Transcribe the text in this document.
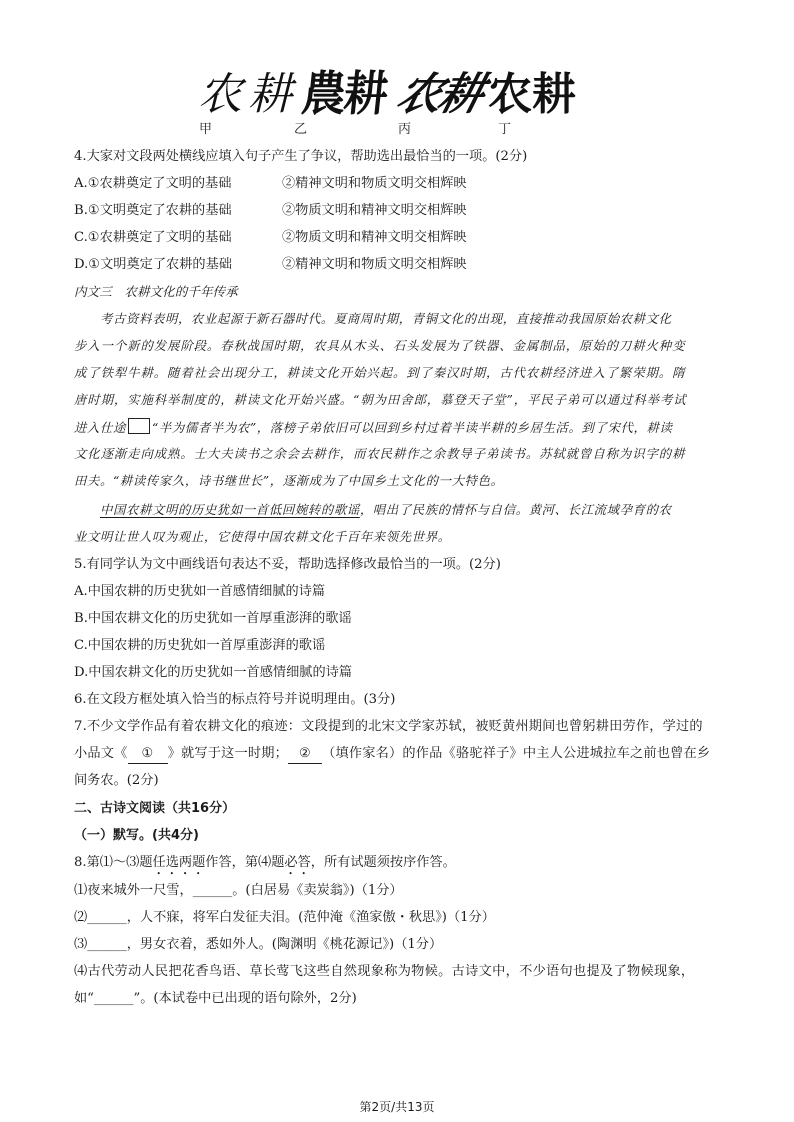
农耕 農耕 农耕 农耕
甲	乙	丙	丁
4.大家对文段两处横线应填入句子产生了争议，帮助选出最恰当的一项。(2分)
A.①农耕奠定了文明的基础	②精神文明和物质文明交相辉映
B.①文明奠定了农耕的基础	②物质文明和精神文明交相辉映
C.①农耕奠定了文明的基础	②物质文明和精神文明交相辉映
D.①文明奠定了农耕的基础	②精神文明和物质文明交相辉映
内文三　农耕文化的千年传承
考古资料表明，农业起源于新石器时代。夏商周时期，青铜文化的出现，直接推动我国原始农耕文化
步入一个新的发展阶段。春秋战国时期，农具从木头、石头发展为了铁器、金属制品，原始的刀耕火种变
成了铁犁牛耕。随着社会出现分工，耕读文化开始兴起。到了秦汉时期，古代农耕经济进入了繁荣期。隋
唐时期，实施科举制度的，耕读文化开始兴盛。“朝为田舍郎，慕登天子堂”，平民子弟可以通过科举考试
进入仕途 “半为儒者半为农”，落榜子弟依旧可以回到乡村过着半读半耕的乡居生活。到了宋代，耕读
文化逐渐走向成熟。士大夫读书之余会去耕作，而农民耕作之余教导子弟读书。苏轼就曾自称为识字的耕
田夫。“耕读传家久，诗书继世长”，逐渐成为了中国乡土文化的一大特色。
中国农耕文明的历史犹如一首低回婉转的歌谣，唱出了民族的情怀与自信。黄河、长江流域孕育的农
业文明让世人叹为观止，它使得中国农耕文化千百年来领先世界。
5.有同学认为文中画线语句表达不妥，帮助选择修改最恰当的一项。(2分)
A.中国农耕的历史犹如一首感情细腻的诗篇
B.中国农耕文化的历史犹如一首厚重澎湃的歌谣
C.中国农耕的历史犹如一首厚重澎湃的歌谣
D.中国农耕文化的历史犹如一首感情细腻的诗篇
6.在文段方框处填入恰当的标点符号并说明理由。(3分)
7.不少文学作品有着农耕文化的痕迹：文段提到的北宋文学家苏轼，被贬黄州期间也曾躬耕田劳作，学过的
小品文《 ① 》就写于这一时期； ② （填作家名）的作品《骆驼祥子》中主人公进城拉车之前也曾在乡
间务农。(2分)
二、古诗文阅读（共16分）
（一）默写。(共4分)
8.第⑴～⑶题任选两题作答，第⑷题必答，所有试题须按序作答。
⑴夜来城外一尺雪，______。(白居易《卖炭翁》)（1分）
⑵______，人不寐，将军白发征夫泪。(范仲淹《渔家傲・秋思》)（1分）
⑶______，男女衣着，悉如外人。(陶渊明《桃花源记》)（1分）
⑷古代劳动人民把花香鸟语、草长莺飞这些自然现象称为物候。古诗文中，不少语句也提及了物候现象，
如“______”。(本试卷中已出现的语句除外，2分)
第2页/共13页
